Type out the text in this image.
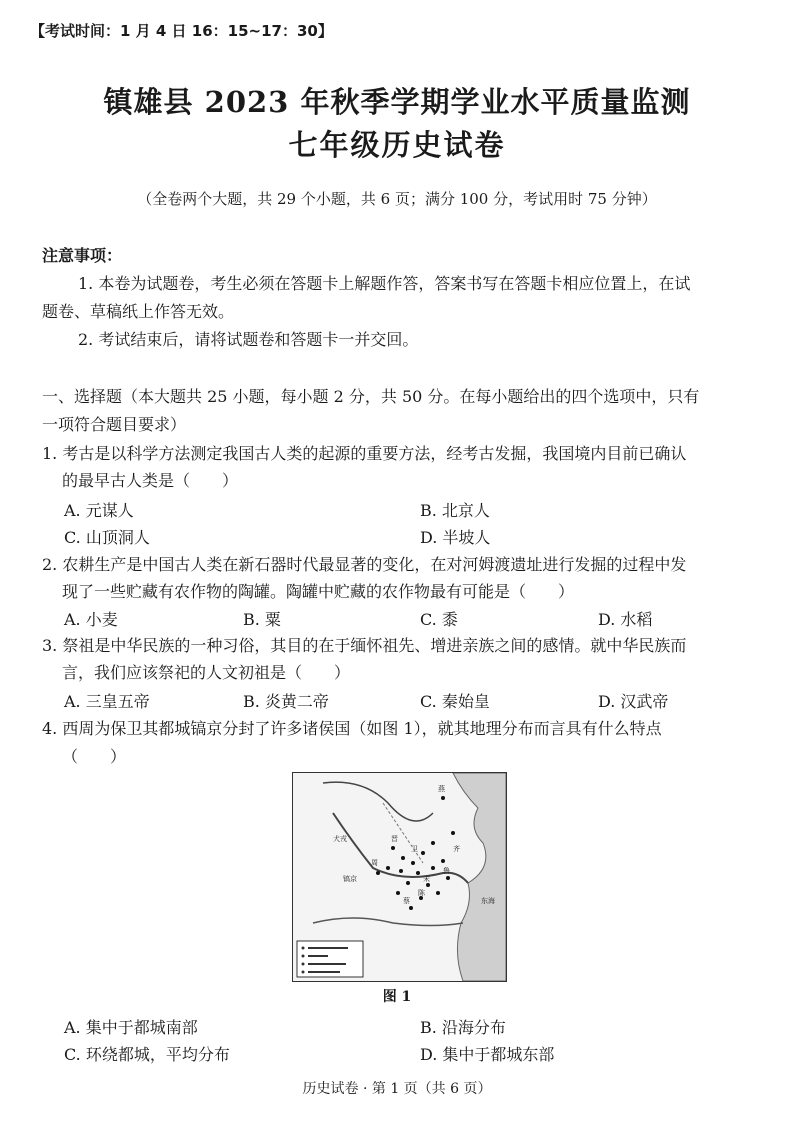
【考试时间：1 月 4 日 16：15~17：30】
镇雄县 2023 年秋季学期学业水平质量监测
七年级历史试卷
（全卷两个大题，共 29 个小题，共 6 页；满分 100 分，考试用时 75 分钟）
注意事项：
1. 本卷为试题卷，考生必须在答题卡上解题作答，答案书写在答题卡相应位置上，在试
题卷、草稿纸上作答无效。
2. 考试结束后，请将试题卷和答题卡一并交回。
一、选择题（本大题共 25 小题，每小题 2 分，共 50 分。在每小题给出的四个选项中，只有
一项符合题目要求）
1. 考古是以科学方法测定我国古人类的起源的重要方法，经考古发掘，我国境内目前已确认
的最早古人类是（　　）
A. 元谋人	B. 北京人
C. 山顶洞人	D. 半坡人
2. 农耕生产是中国古人类在新石器时代最显著的变化，在对河姆渡遗址进行发掘的过程中发
现了一些贮藏有农作物的陶罐。陶罐中贮藏的农作物最有可能是（　　）
A. 小麦	B. 粟	C. 黍	D. 水稻
3. 祭祖是中华民族的一种习俗，其目的在于缅怀祖先、增进亲族之间的感情。就中华民族而
言，我们应该祭祀的人文初祖是（　　）
A. 三皇五帝	B. 炎黄二帝	C. 秦始皇	D. 汉武帝
4. 西周为保卫其都城镐京分封了许多诸侯国（如图 1），就其地理分布而言具有什么特点
（　　）
燕
齐
鲁
宋
卫
晋
镐京
周
犬戎
陈
蔡	东海
图 1
A. 集中于都城南部	B. 沿海分布
C. 环绕都城，平均分布	D. 集中于都城东部
历史试卷 · 第 1 页（共 6 页）
